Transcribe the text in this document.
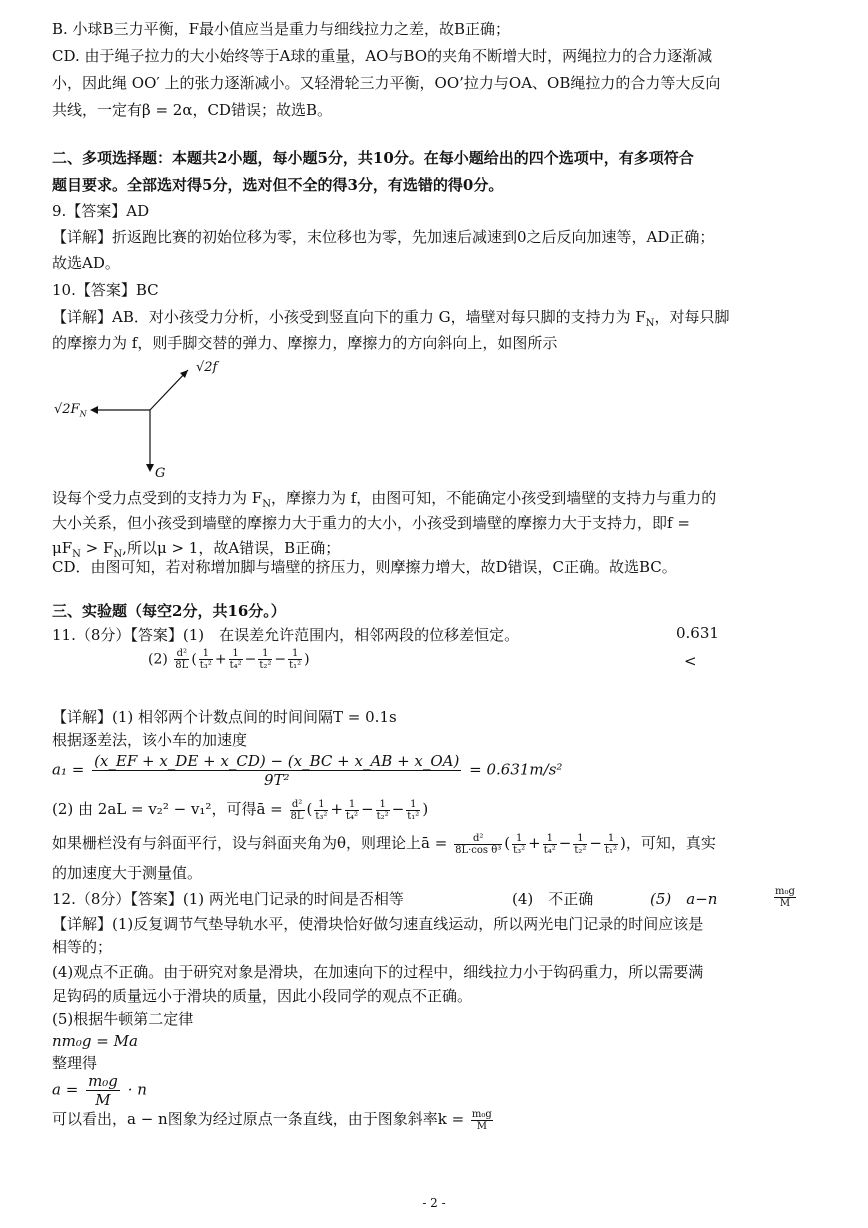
B. 小球B三力平衡，F最小值应当是重力与细线拉力之差，故B正确；
CD. 由于绳子拉力的大小始终等于A球的重量，AO与BO的夹角不断增大时，两绳拉力的合力逐渐减
小，因此绳 OO′ 上的张力逐渐减小。又轻滑轮三力平衡，OO’拉力与OA、OB绳拉力的合力等大反向
共线，一定有β = 2α，CD错误；故选B。
二、多项选择题：本题共2小题，每小题5分，共10分。在每小题给出的四个选项中，有多项符合
题目要求。全部选对得5分，选对但不全的得3分，有选错的得0分。
9.【答案】AD
【详解】折返跑比赛的初始位移为零，末位移也为零，先加速后减速到0之后反向加速等，AD正确；
故选AD。
10.【答案】BC
【详解】AB．对小孩受力分析，小孩受到竖直向下的重力 G，墙壁对每只脚的支持力为 $F_N$，对每只脚
的摩擦力为 f，则手脚交替的弹力、摩擦力，摩擦力的方向斜向上，如图所示
√2f
$√2F_N$
G
设每个受力点受到的支持力为 $F_N$，摩擦力为 f，由图可知，不能确定小孩受到墙壁的支持力与重力的
大小关系，但小孩受到墙壁的摩擦力大于重力的大小，小孩受到墙壁的摩擦力大于支持力，即f =
$\mu F_N > F_N$,所以μ > 1，故A错误，B正确；
CD．由图可知，若对称增加脚与墙壁的挤压力，则摩擦力增大，故D错误，C正确。故选BC。
三、实验题（每空2分，共16分。）
11.（8分）【答案】(1)　在误差允许范围内，相邻两段的位移差恒定。	0.631
$(2) \frac{\text{d²}}{8L}$ ( $\frac{1}{\text{t₃²}} + \frac{1}{\text{t₄²}} - \frac{1}{\text{t₂²}} - \frac{1}{\text{t₁²}}$ )	<
【详解】(1) 相邻两个计数点间的时间间隔T = 0.1s
根据逐差法，该小车的加速度
$a_1 = \frac{(x\_EF + x\_DE + x\_CD) - (x\_BC + x\_AB + x\_OA)}{\text{9T²}} = 0.631m/s^2$
(2) 由 2aL = v₂² − v₁²，可得ā = $\frac{\text{d²}}{8L}$ ( $\frac{1}{\text{t₃²}} + \frac{1}{\text{t₄²}} - \frac{1}{\text{t₂²}} - \frac{1}{\text{t₁²}}$ )
如果栅栏没有与斜面平行，设与斜面夹角为θ，则理论上ā = $\frac{\text{d²}}{\text{8L·cos θ³}}$ ( $\frac{1}{\text{t₃²}} + \frac{1}{\text{t₄²}} - \frac{1}{\text{t₂²}} - \frac{1}{\text{t₁²}}$ )，可知，真实
的加速度大于测量值。
12.（8分）【答案】(1) 两光电门记录的时间是否相等	(4)　不正确	(5)　a−n	$\frac{\text{m₀g}}{M}$
【详解】(1)反复调节气垫导轨水平，使滑块恰好做匀速直线运动，所以两光电门记录的时间应该是
相等的；
(4)观点不正确。由于研究对象是滑块，在加速向下的过程中，细线拉力小于钩码重力，所以需要满
足钩码的质量远小于滑块的质量，因此小段同学的观点不正确。
(5)根据牛顿第二定律
nm₀g = Ma
整理得
$a = \frac{\text{m₀g}}{M} \cdot n$
可以看出，a − n图象为经过原点一条直线，由于图象斜率$k = \frac{\text{m₀g}}{M}$
- 2 -
